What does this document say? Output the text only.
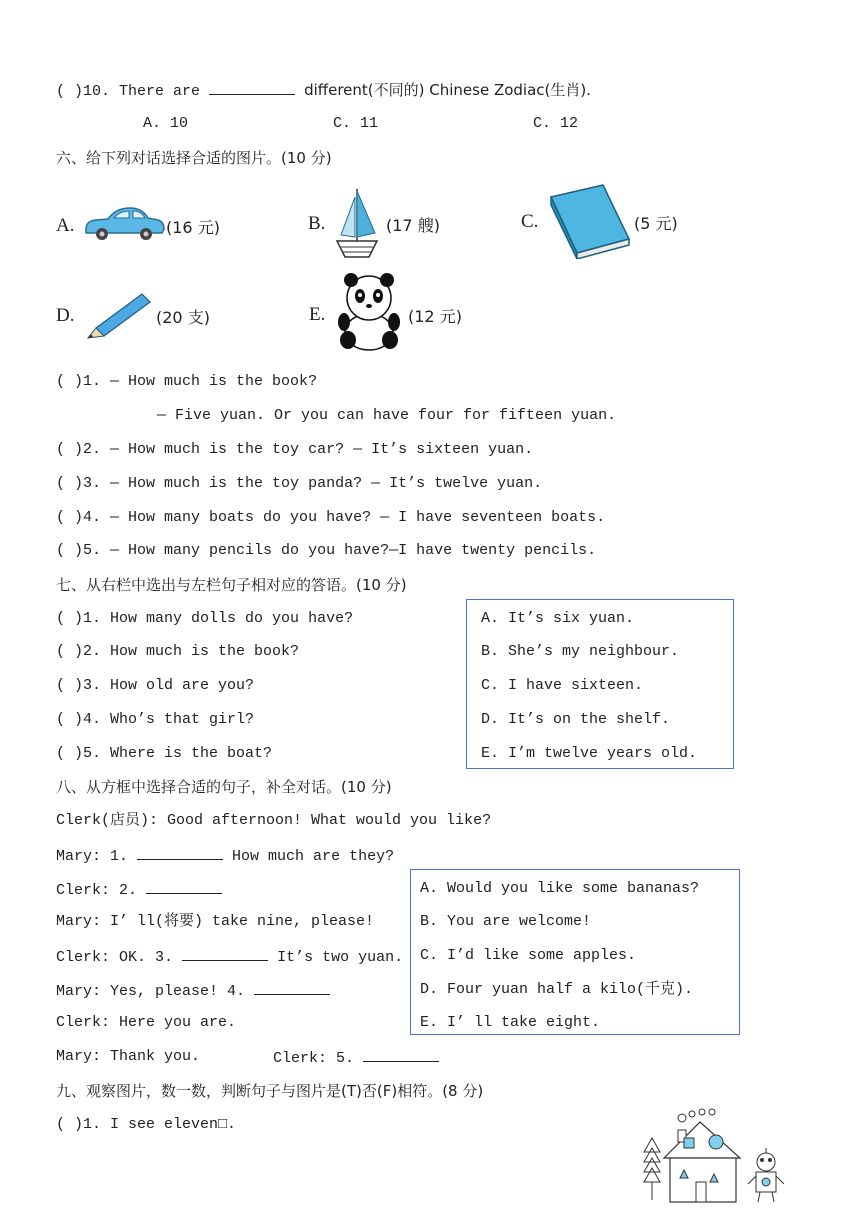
( )10. There are	different(不同的) Chinese Zodiac(生肖).
A. 10	C. 11	C. 12
六、给下列对话选择合适的图片。(10 分)
A.	(16 元)	B.	(17 艘)	C.	(5 元)
D.	(20 支)	E.	(12 元)
( )1. — How much is the book?
— Five yuan. Or you can have four for fifteen yuan.
( )2. — How much is the toy car? — It’s sixteen yuan.
( )3. — How much is the toy panda? — It’s twelve yuan.
( )4. — How many boats do you have? — I have seventeen boats.
( )5. — How many pencils do you have?—I have twenty pencils.
七、从右栏中选出与左栏句子相对应的答语。(10 分)
( )1. How many dolls do you have?
( )2. How much is the book?
( )3. How old are you?
( )4. Who’s that girl?
( )5. Where is the boat?
A. It’s six yuan.
B. She’s my neighbour.
C. I have sixteen.
D. It’s on the shelf.
E. I’m twelve years old.
八、从方框中选择合适的句子，补全对话。(10 分)
Clerk(店员): Good afternoon! What would you like?
Mary: 1.	How much are they?
Clerk: 2.
Mary: I’ ll(将要) take nine, please!
Clerk: OK. 3.	It’s two yuan.
Mary: Yes, please! 4.
Clerk: Here you are.
Mary: Thank you.	Clerk: 5.
A. Would you like some bananas?
B. You are welcome!
C. I’d like some apples.
D. Four yuan half a kilo(千克).
E. I’ ll take eight.
九、观察图片，数一数，判断句子与图片是(T)否(F)相符。(8 分)
( )1. I see eleven□.
